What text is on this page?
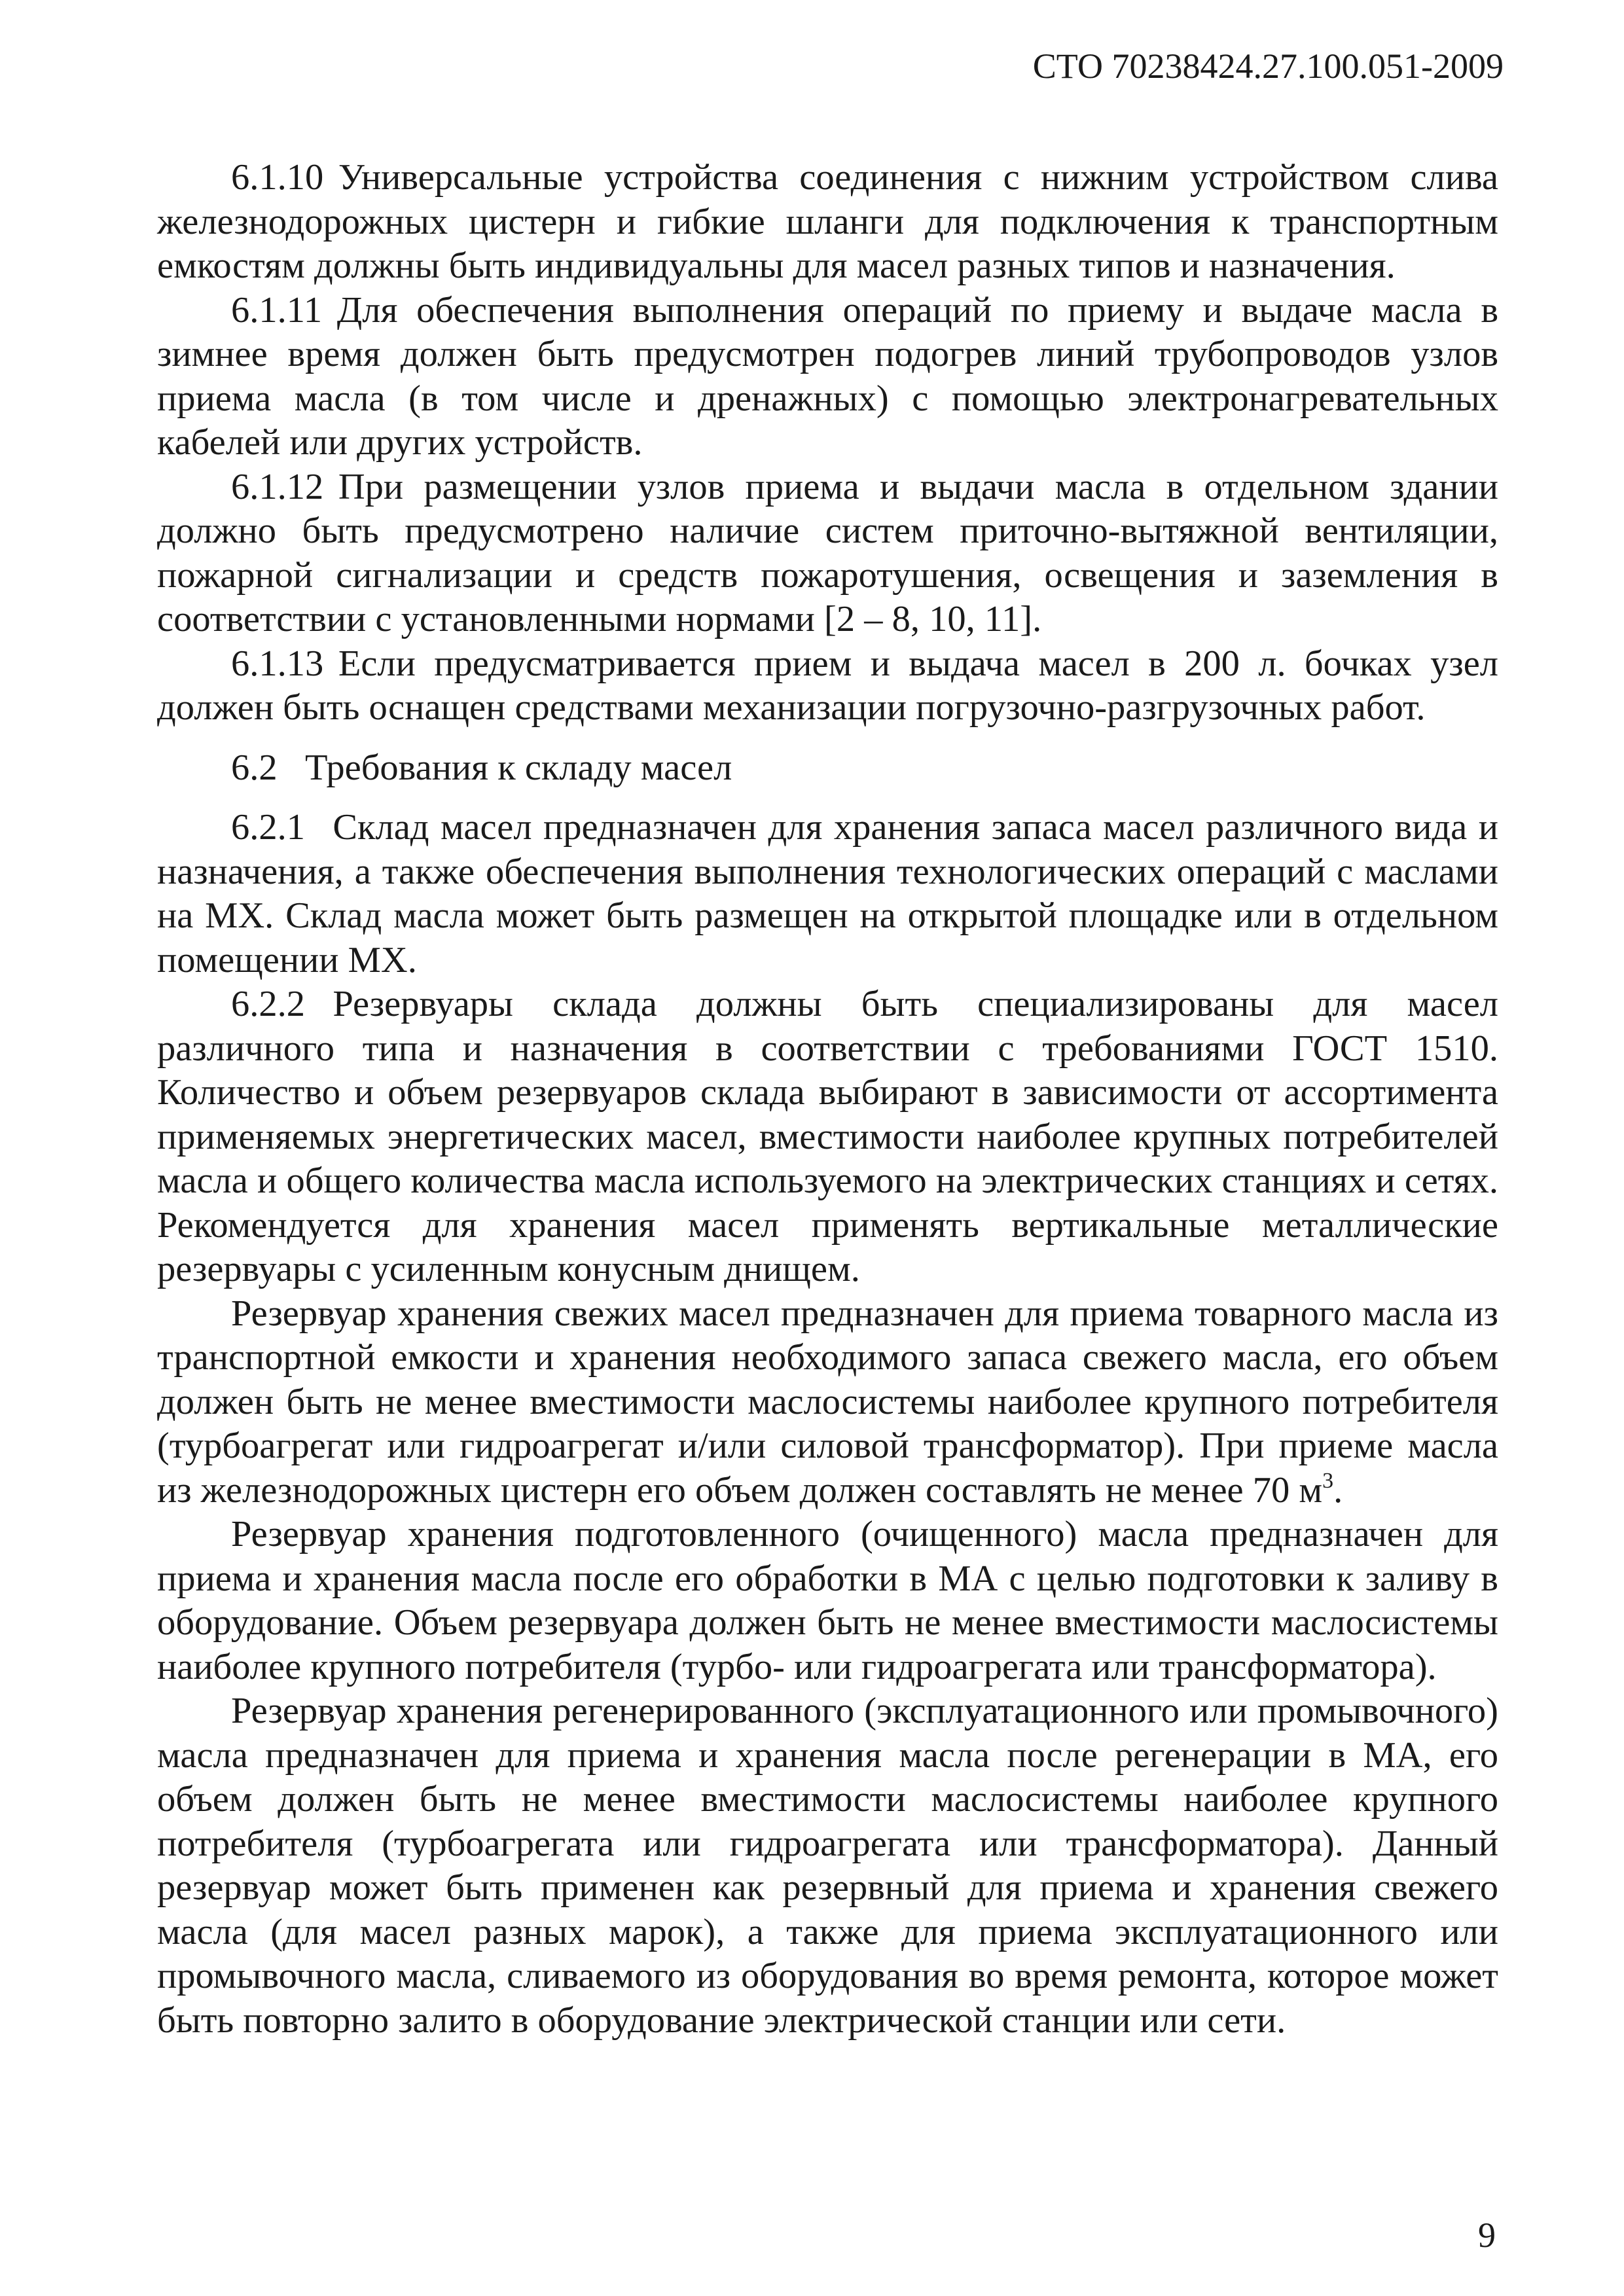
СТО 70238424.27.100.051-2009

6.1.10 Универсальные устройства соединения с нижним устройством слива железнодорожных цистерн и гибкие шланги для подключения к транспортным емкостям должны быть индивидуальны для масел разных типов и назначения.

6.1.11 Для обеспечения выполнения операций по приему и выдаче масла в зимнее время должен быть предусмотрен подогрев линий трубопроводов узлов приема масла (в том числе и дренажных) с помощью электронагревательных кабелей или других устройств.

6.1.12 При размещении узлов приема и выдачи масла в отдельном здании должно быть предусмотрено наличие систем приточно-вытяжной вентиляции, пожарной сигнализации и средств пожаротушения, освещения и заземления в соответствии с установленными нормами [2 – 8, 10, 11].

6.1.13 Если предусматривается прием и выдача масел в 200 л. бочках узел должен быть оснащен средствами механизации погрузочно-разгрузочных работ.

6.2 Требования к складу масел

6.2.1 Склад масел предназначен для хранения запаса масел различного вида и назначения, а также обеспечения выполнения технологических операций с маслами на МХ. Склад масла может быть размещен на открытой площадке или в отдельном помещении МХ.

6.2.2 Резервуары склада должны быть специализированы для масел различного типа и назначения в соответствии с требованиями ГОСТ 1510. Количество и объем резервуаров склада выбирают в зависимости от ассортимента применяемых энергетических масел, вместимости наиболее крупных потребителей масла и общего количества масла используемого на электрических станциях и сетях. Рекомендуется для хранения масел применять вертикальные металлические резервуары с усиленным конусным днищем.

Резервуар хранения свежих масел предназначен для приема товарного масла из транспортной емкости и хранения необходимого запаса свежего масла, его объем должен быть не менее вместимости маслосистемы наиболее крупного потребителя (турбоагрегат или гидроагрегат и/или силовой трансформатор). При приеме масла из железнодорожных цистерн его объем должен составлять не менее 70 $м^3$.

Резервуар хранения подготовленного (очищенного) масла предназначен для приема и хранения масла после его обработки в МА с целью подготовки к заливу в оборудование. Объем резервуара должен быть не менее вместимости маслосистемы наиболее крупного потребителя (турбо- или гидроагрегата или трансформатора).

Резервуар хранения регенерированного (эксплуатационного или промывочного) масла предназначен для приема и хранения масла после регенерации в МА, его объем должен быть не менее вместимости маслосистемы наиболее крупного потребителя (турбоагрегата или гидроагрегата или трансформатора). Данный резервуар может быть применен как резервный для приема и хранения свежего масла (для масел разных марок), а также для приема эксплуатационного или промывочного масла, сливаемого из оборудования во время ремонта, которое может быть повторно залито в оборудование электрической станции или сети.

9
